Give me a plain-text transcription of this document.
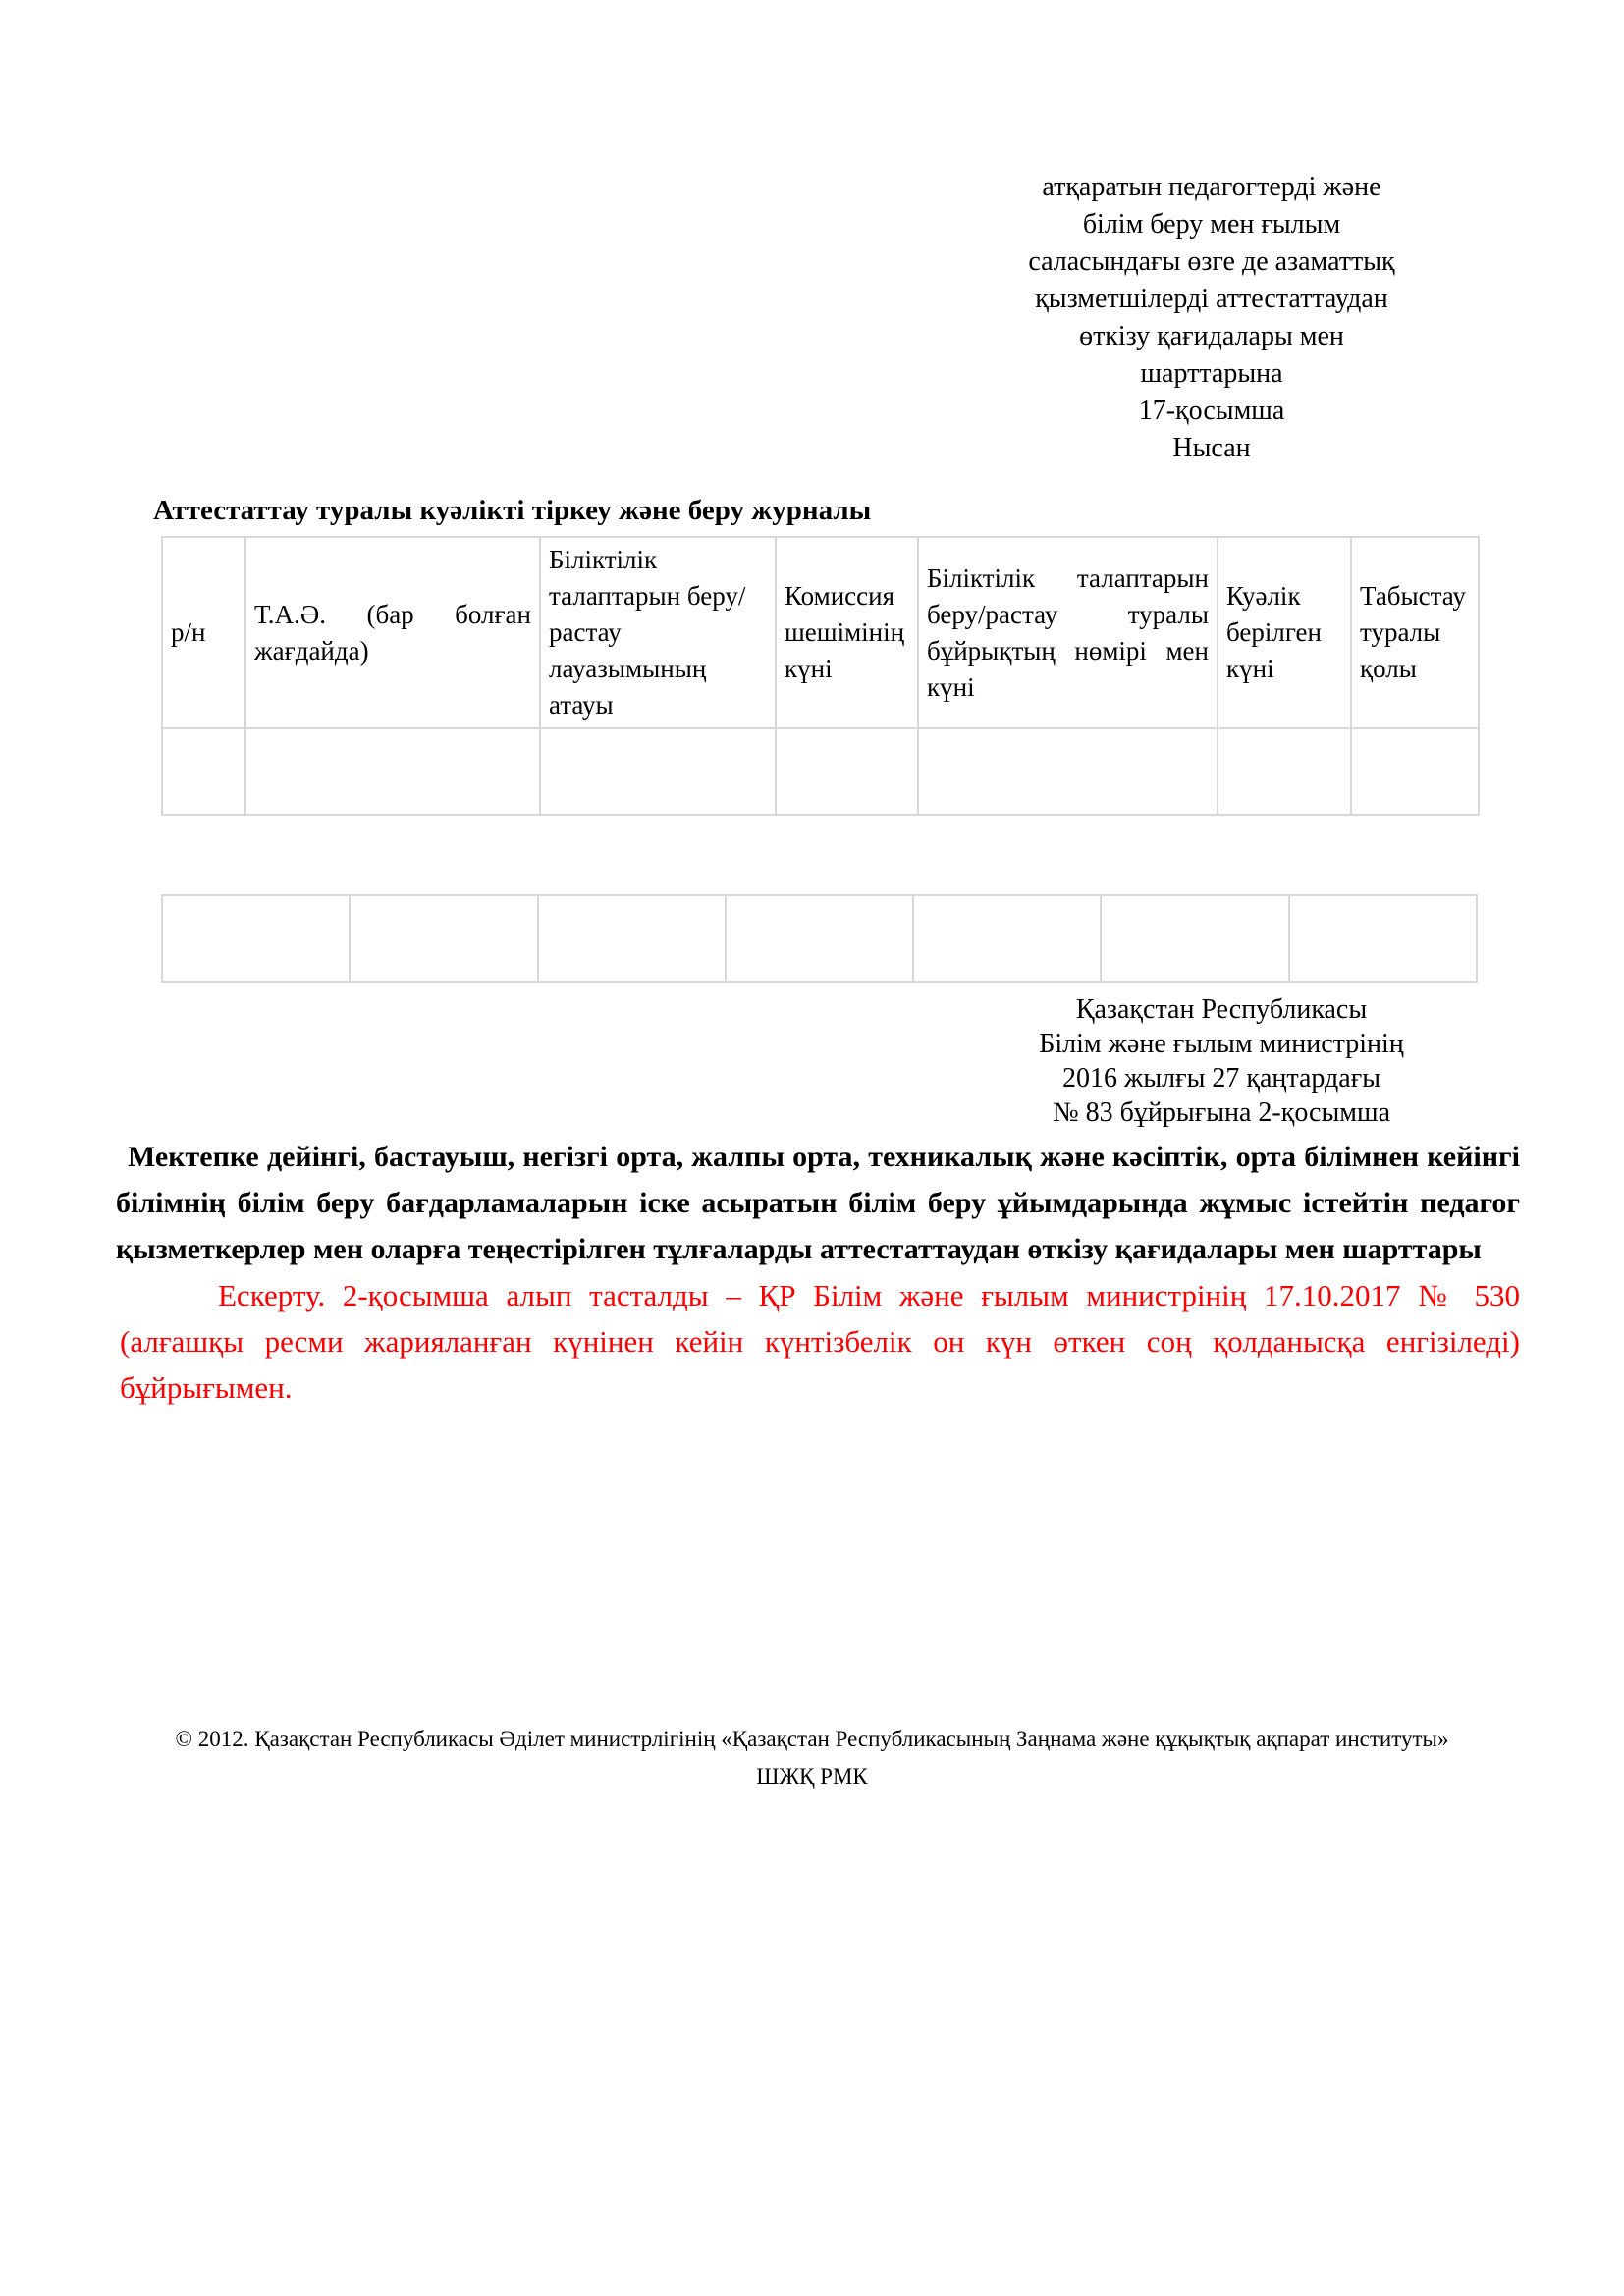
атқаратын педагогтерді және
білім беру мен ғылым
саласындағы өзге де азаматтық
қызметшілерді аттестаттаудан
өткізу қағидалары мен
шарттарына
17-қосымша
Нысан
Аттестаттау туралы куәлікті тіркеу және беру журналы
р/н	Т.А.Ә. (бар болған жағдайда)	Біліктілік талаптарын беру/растау лауазымының атауы	Комиссия шешімінің күні	Біліктілік талаптарын беру/растау туралы бұйрықтың нөмірі мен күні	Куәлік берілген күні	Табыстау туралы қолы

Қазақстан Республикасы
Білім және ғылым министрінің
2016 жылғы 27 қаңтардағы
№ 83 бұйрығына 2-қосымша

Мектепке дейінгі, бастауыш, негізгі орта, жалпы орта, техникалық және кәсіптік, орта білімнен кейінгі білімнің білім беру бағдарламаларын іске асыратын білім беру ұйымдарында жұмыс істейтін педагог қызметкерлер мен оларға теңестірілген тұлғаларды аттестаттаудан өткізу қағидалары мен шарттары

Ескерту. 2-қосымша алып тасталды – ҚР Білім және ғылым министрінің 17.10.2017 № 530 (алғашқы ресми жарияланған күнінен кейін күнтізбелік он күн өткен соң қолданысқа енгізіледі) бұйрығымен.

© 2012. Қазақстан Республикасы Әділет министрлігінің «Қазақстан Республикасының Заңнама және құқықтық ақпарат институты» ШЖҚ РМК
